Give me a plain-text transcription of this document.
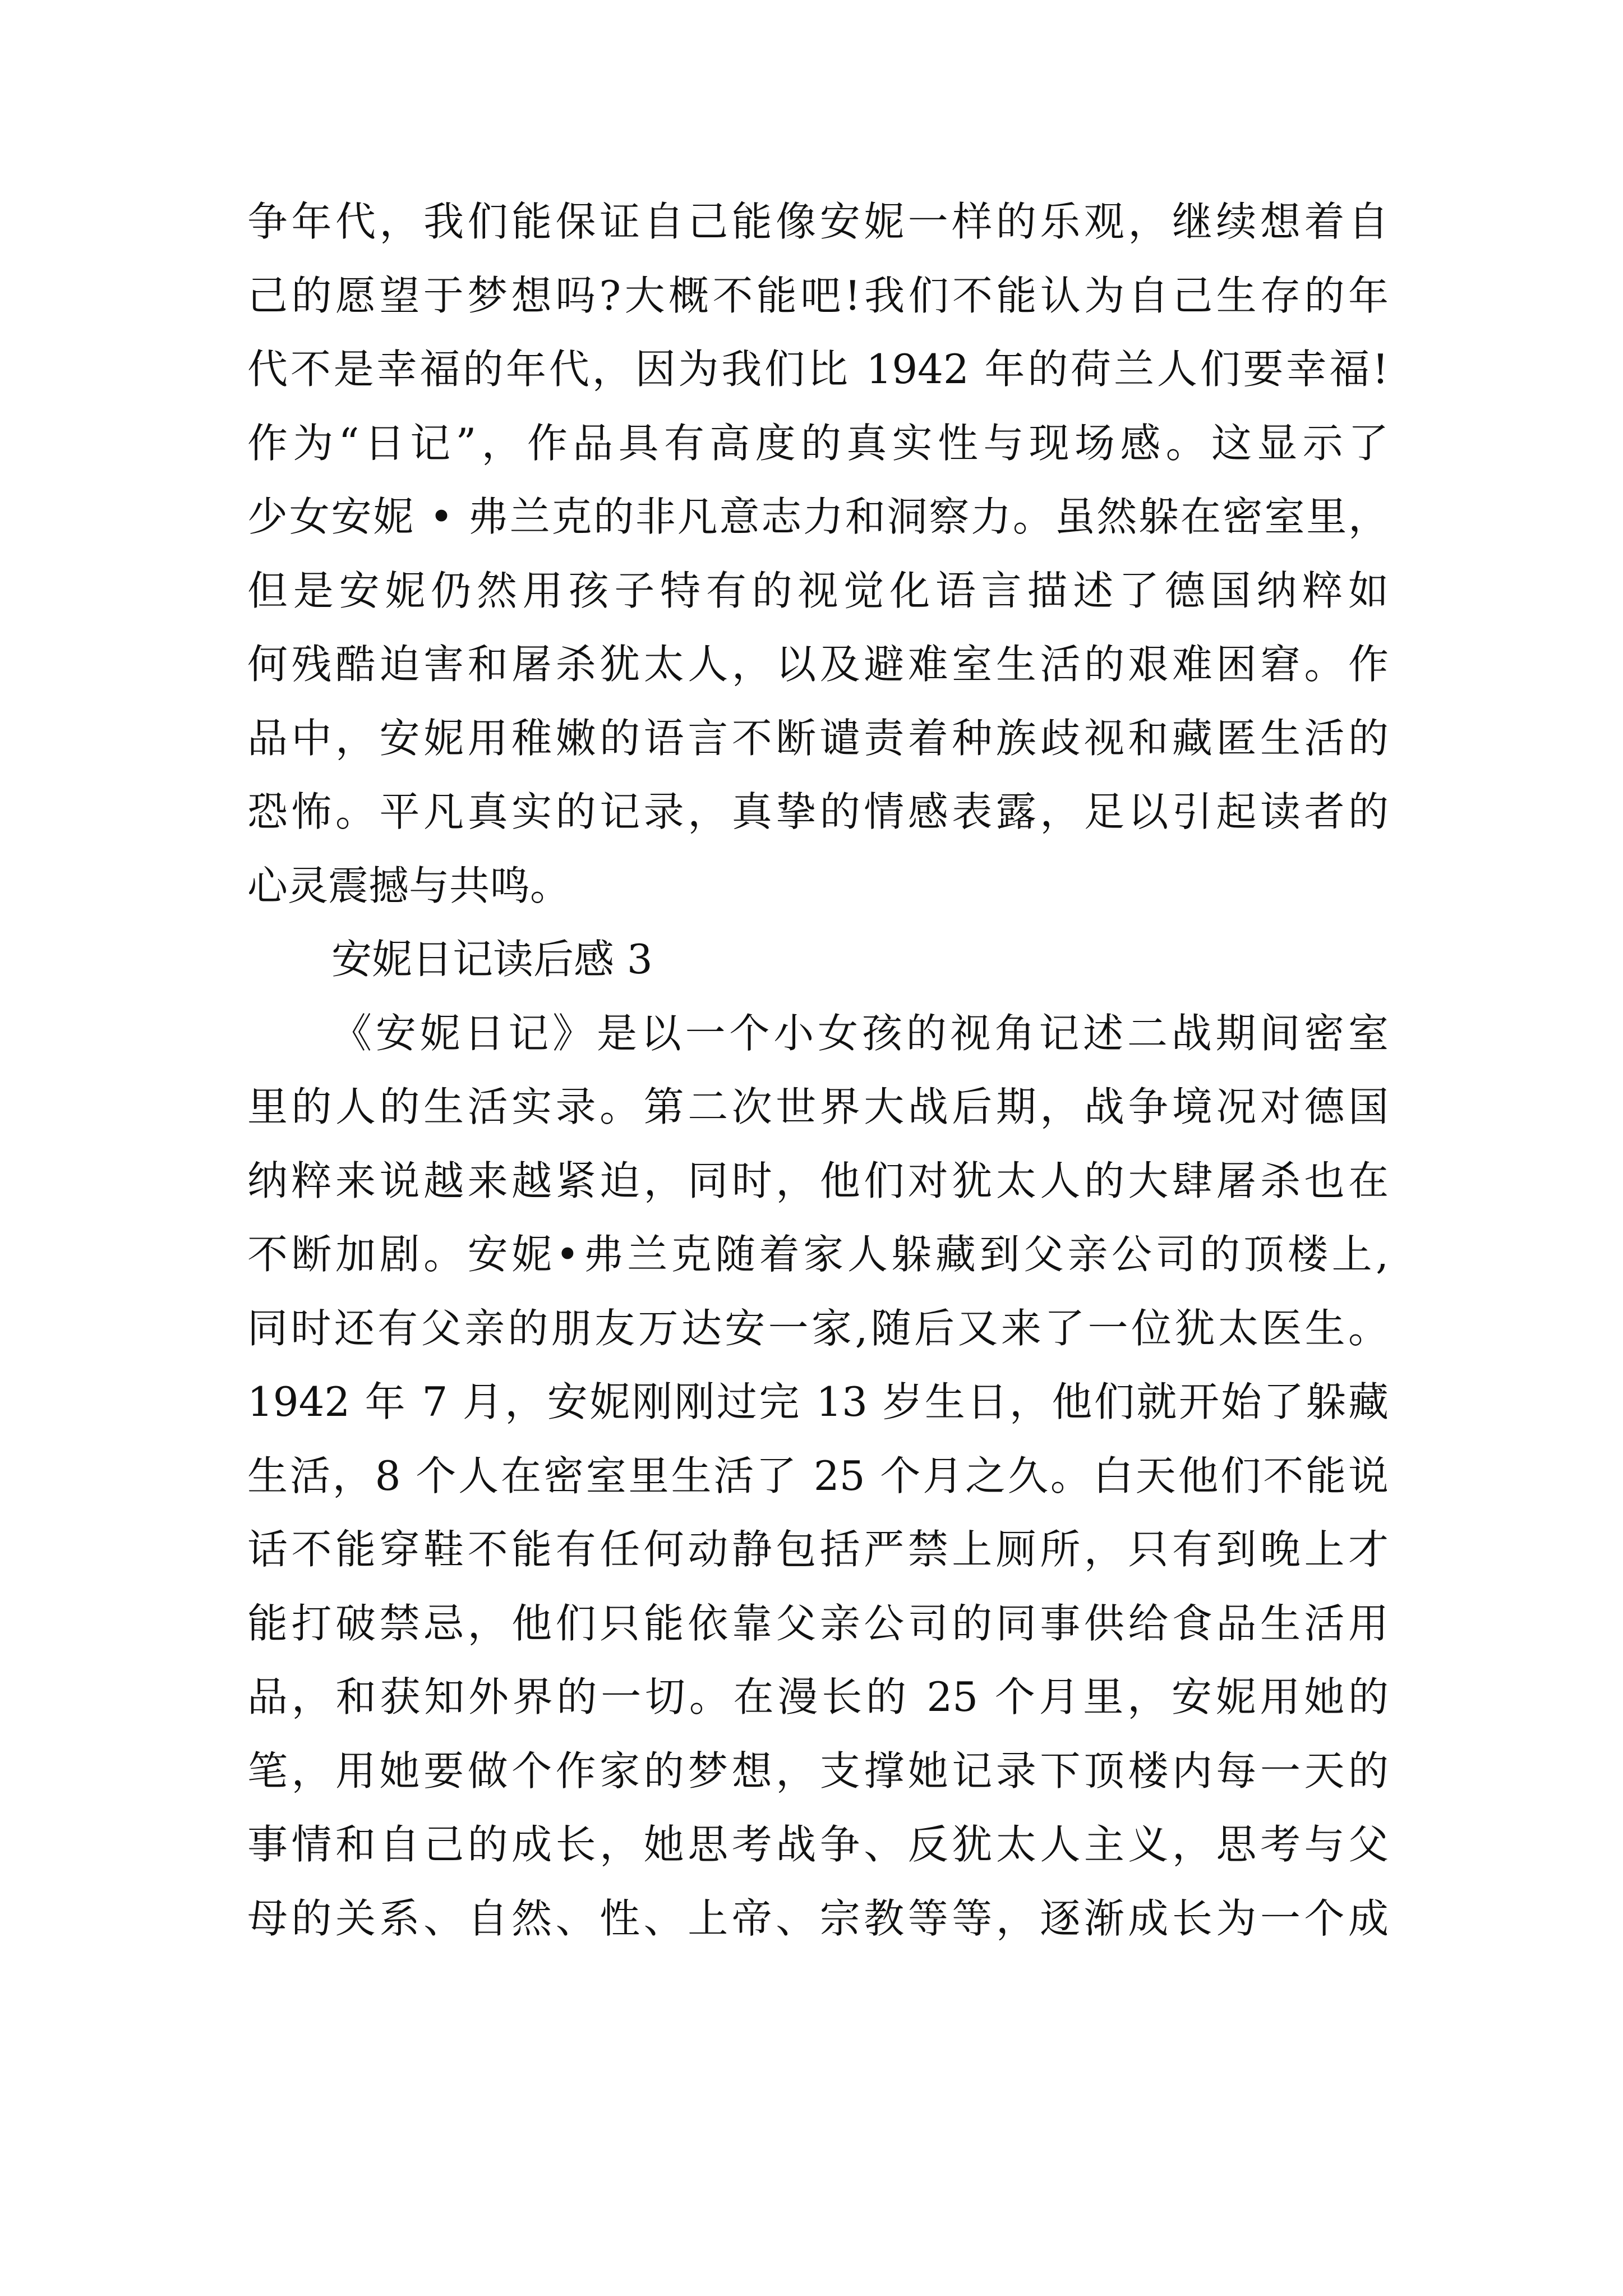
争年代，我们能保证自己能像安妮一样的乐观，继续想着自
己的愿望于梦想吗?大概不能吧!我们不能认为自己生存的年
代不是幸福的年代，因为我们比 1942 年的荷兰人们要幸福!
作为“日记”，作品具有高度的真实性与现场感。这显示了
少女安妮 • 弗兰克的非凡意志力和洞察力。虽然躲在密室里，
但是安妮仍然用孩子特有的视觉化语言描述了德国纳粹如
何残酷迫害和屠杀犹太人，以及避难室生活的艰难困窘。作
品中，安妮用稚嫩的语言不断谴责着种族歧视和藏匿生活的
恐怖。平凡真实的记录，真挚的情感表露，足以引起读者的
心灵震撼与共鸣。
安妮日记读后感 3
《安妮日记》是以一个小女孩的视角记述二战期间密室
里的人的生活实录。第二次世界大战后期，战争境况对德国
纳粹来说越来越紧迫，同时，他们对犹太人的大肆屠杀也在
不断加剧。安妮•弗兰克随着家人躲藏到父亲公司的顶楼上,
同时还有父亲的朋友万达安一家,随后又来了一位犹太医生。
1942 年 7 月，安妮刚刚过完 13 岁生日，他们就开始了躲藏
生活，8 个人在密室里生活了 25 个月之久。白天他们不能说
话不能穿鞋不能有任何动静包括严禁上厕所，只有到晚上才
能打破禁忌，他们只能依靠父亲公司的同事供给食品生活用
品，和获知外界的一切。在漫长的 25 个月里，安妮用她的
笔，用她要做个作家的梦想，支撑她记录下顶楼内每一天的
事情和自己的成长，她思考战争、反犹太人主义，思考与父
母的关系、自然、性、上帝、宗教等等，逐渐成长为一个成
